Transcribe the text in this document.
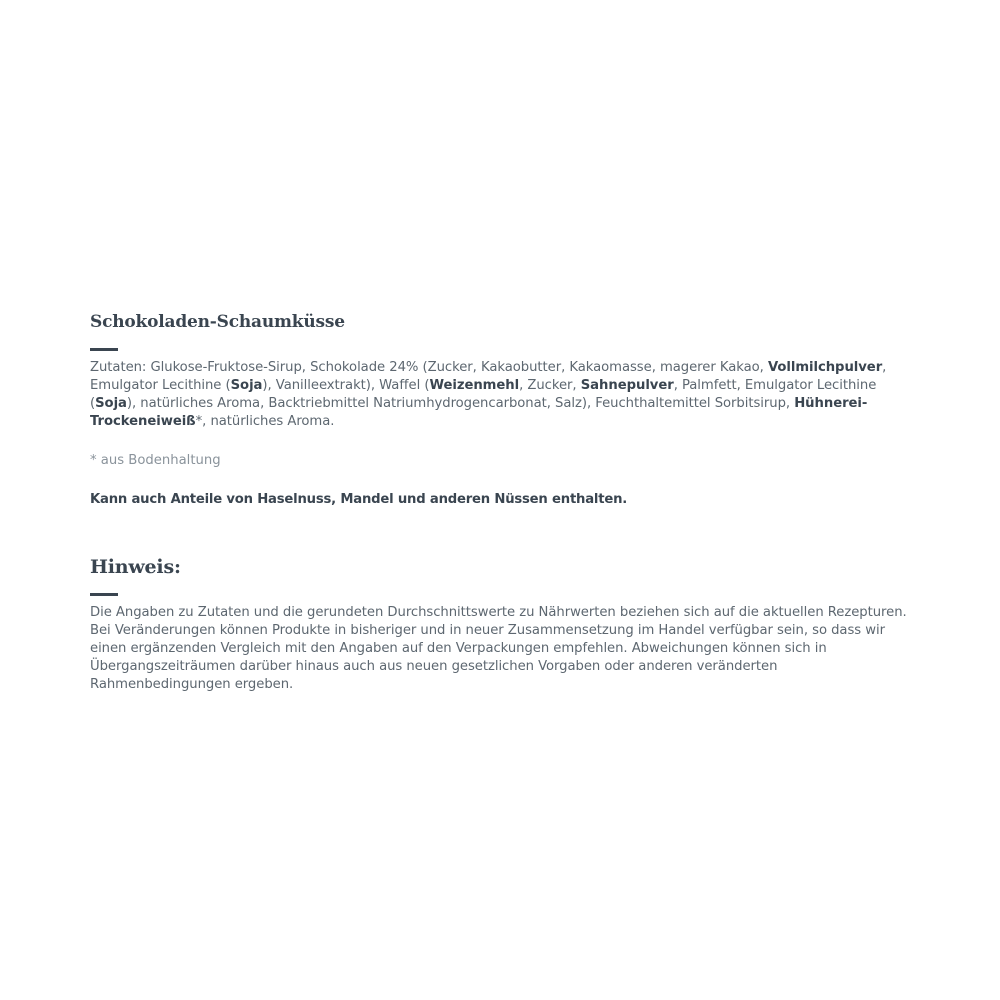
Schokoladen-Schaumküsse

Zutaten: Glukose-Fruktose-Sirup, Schokolade 24% (Zucker, Kakaobutter, Kakaomasse, magerer Kakao, Vollmilchpulver, Emulgator Lecithine (Soja), Vanilleextrakt), Waffel (Weizenmehl, Zucker, Sahnepulver, Palmfett, Emulgator Lecithine (Soja), natürliches Aroma, Backtriebmittel Natriumhydrogencarbonat, Salz), Feuchthaltemittel Sorbitsirup, Hühnerei-Trockeneiweiß*, natürliches Aroma.

* aus Bodenhaltung

Kann auch Anteile von Haselnuss, Mandel und anderen Nüssen enthalten.

Hinweis:

Die Angaben zu Zutaten und die gerundeten Durchschnittswerte zu Nährwerten beziehen sich auf die aktuellen Rezepturen. Bei Veränderungen können Produkte in bisheriger und in neuer Zusammensetzung im Handel verfügbar sein, so dass wir einen ergänzenden Vergleich mit den Angaben auf den Verpackungen empfehlen. Abweichungen können sich in Übergangszeiträumen darüber hinaus auch aus neuen gesetzlichen Vorgaben oder anderen veränderten Rahmenbedingungen ergeben.
